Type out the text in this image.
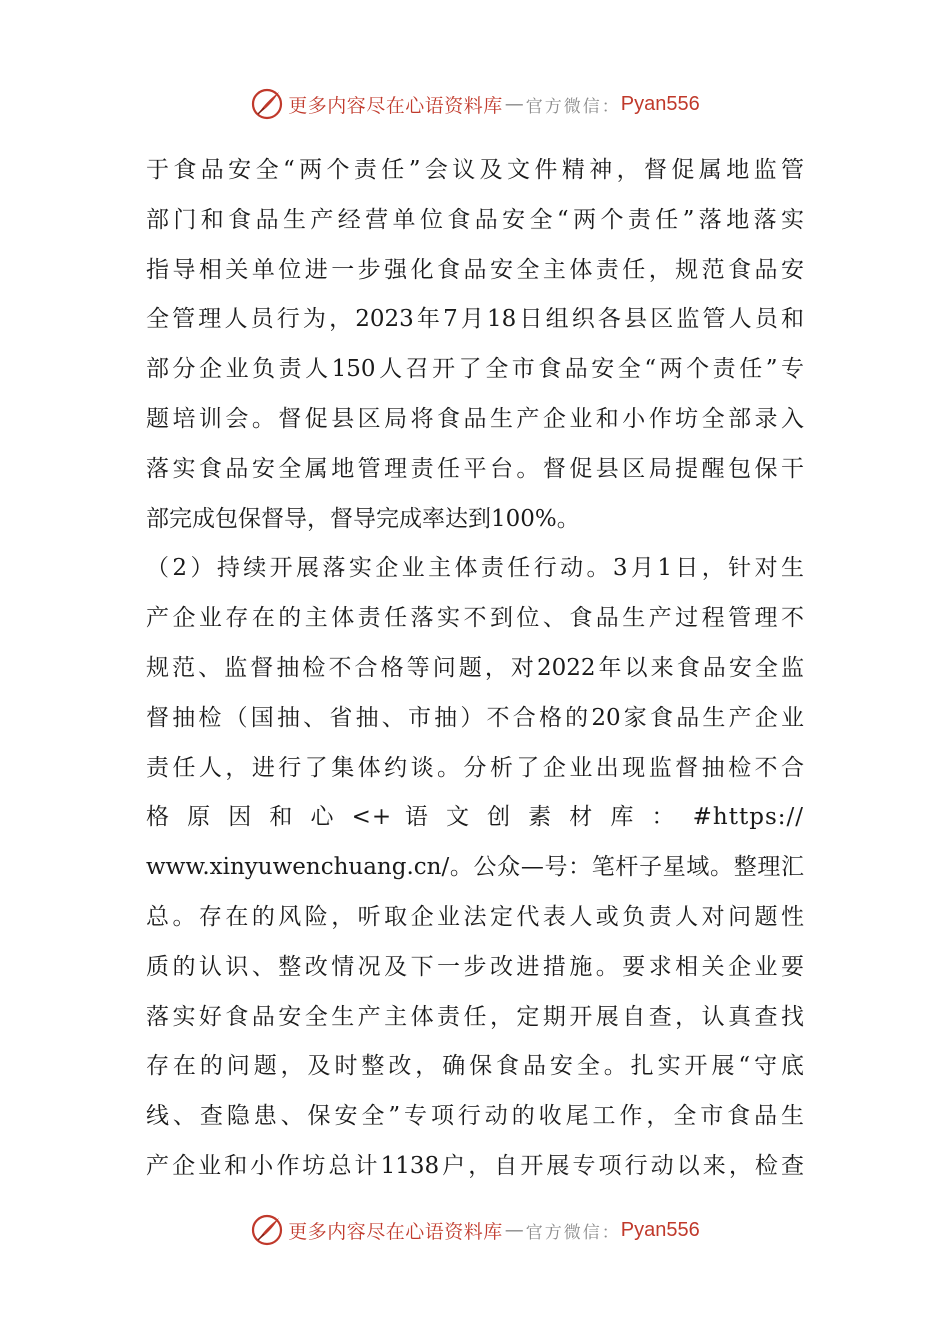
更多内容尽在心语资料库 — 官方微信： Pyan556
于食品安全“两个责任”会议及文件精神，督促属地监管
部门和食品生产经营单位食品安全“两个责任”落地落实
指导相关单位进一步强化食品安全主体责任，规范食品安
全管理人员行为，2023年7月18日组织各县区监管人员和
部分企业负责人150人召开了全市食品安全“两个责任”专
题培训会。督促县区局将食品生产企业和小作坊全部录入
落实食品安全属地管理责任平台。督促县区局提醒包保干
部完成包保督导，督导完成率达到100%。
（2）持续开展落实企业主体责任行动。3月1日，针对生
产企业存在的主体责任落实不到位、食品生产过程管理不
规范、监督抽检不合格等问题，对2022年以来食品安全监
督抽检（国抽、省抽、市抽）不合格的20家食品生产企业
责任人，进行了集体约谈。分析了企业出现监督抽检不合
格 原 因 和 心 <+ 语 文 创 素 材 库 ： #https://
www.xinyuwenchuang.cn/。公众—号：笔杆子星域。整理汇
总。存在的风险，听取企业法定代表人或负责人对问题性
质的认识、整改情况及下一步改进措施。要求相关企业要
落实好食品安全生产主体责任，定期开展自查，认真查找
存在的问题，及时整改，确保食品安全。扎实开展“守底
线、查隐患、保安全”专项行动的收尾工作，全市食品生
产企业和小作坊总计1138户，自开展专项行动以来，检查
更多内容尽在心语资料库 — 官方微信： Pyan556
